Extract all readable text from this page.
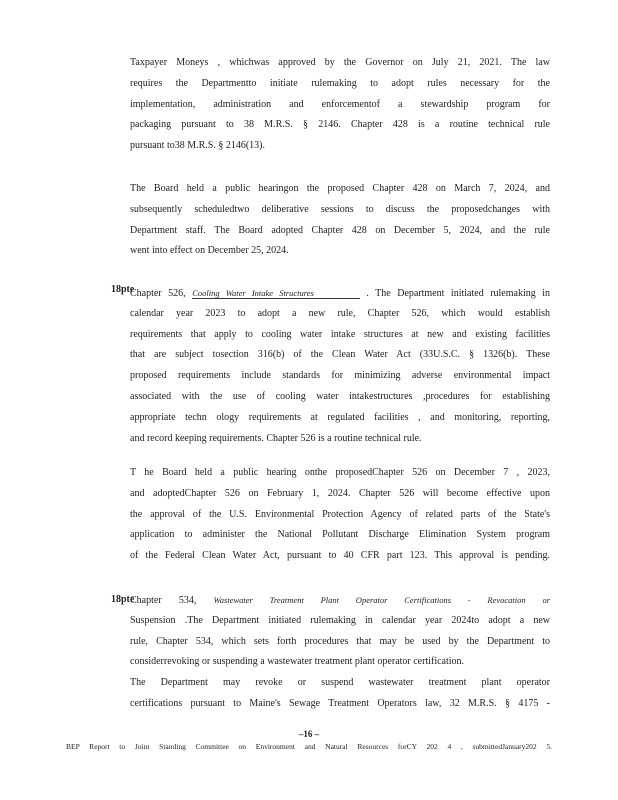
Taxpayer Moneys , whichwas approved by the Governor on July 21, 2021. The law
requires the Departmentto initiate rulemaking to adopt rules necessary for the
implementation, administration and enforcementof a stewardship program for
packaging pursuant to 38 M.R.S. § 2146. Chapter 428 is a routine technical rule
pursuant to38 M.R.S. § 2146(13).
The Board held a public hearingon the proposed Chapter 428 on March 7, 2024, and
subsequently scheduledtwo deliberative sessions to discuss the proposedchanges with
Department staff. The Board adopted Chapter 428 on December 5, 2024, and the rule
went into effect on December 25, 2024.
18pte
Chapter 526, Cooling Water Intake Structures	. The Department initiated rulemaking in
calendar year 2023 to adopt a new rule, Chapter 526, which would establish
requirements that apply to cooling water intake structures at new and existing facilities
that are subject tosection 316(b) of the Clean Water Act (33U.S.C. § 1326(b). These
proposed requirements include standards for minimizing adverse environmental impact
associated with the use of cooling water intakestructures ,procedures for establishing
appropriate techn ology requirements at regulated facilities , and monitoring, reporting,
and record keeping requirements. Chapter 526 is a routine technical rule.
T he Board held a public hearing onthe proposedChapter 526 on December 7 , 2023,
and adoptedChapter 526 on February 1, 2024. Chapter 526 will become effective upon
the approval of the U.S. Environmental Protection Agency of related parts of the State's
application to administer the National Pollutant Discharge Elimination System program
of the Federal Clean Water Act, pursuant to 40 CFR part 123. This approval is pending.
18pte
Chapter 534, Wastewater Treatment Plant Operator Certifications - Revocation or
Suspension .The Department initiated rulemaking in calendar year 2024to adopt a new
rule, Chapter 534, which sets forth procedures that may be used by the Department to
considerrevoking or suspending a wastewater treatment plant operator certification.
The Department may revoke or suspend wastewater treatment plant operator
certifications pursuant to Maine's Sewage Treatment Operators law, 32 M.R.S. § 4175 -
–16 –
BEP Report to Joint Standing Committee on Environment and Natural Resources forCY 202 4 , submittedJanuary202 5.
